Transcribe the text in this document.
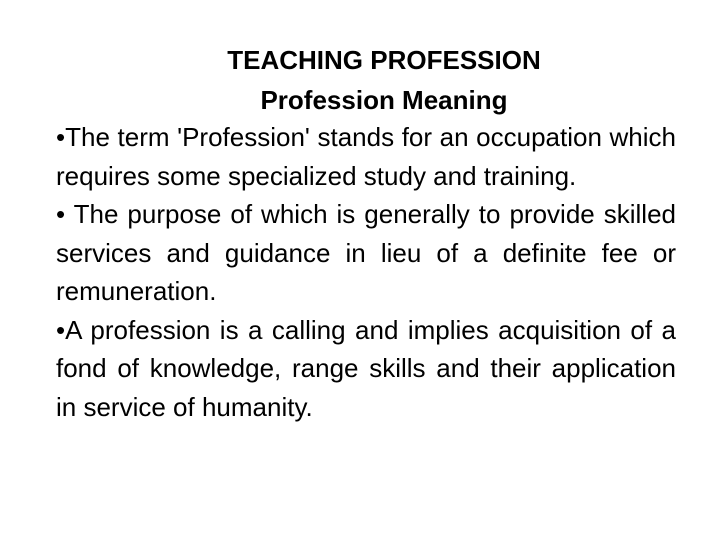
TEACHING PROFESSION
Profession Meaning

•The term 'Profession' stands for an occupation which requires some specialized study and training.

• The purpose of which is generally to provide skilled services and guidance in lieu of a definite fee or remuneration.

•A profession is a calling and implies acquisition of a fond of knowledge, range skills and their application in service of humanity.
